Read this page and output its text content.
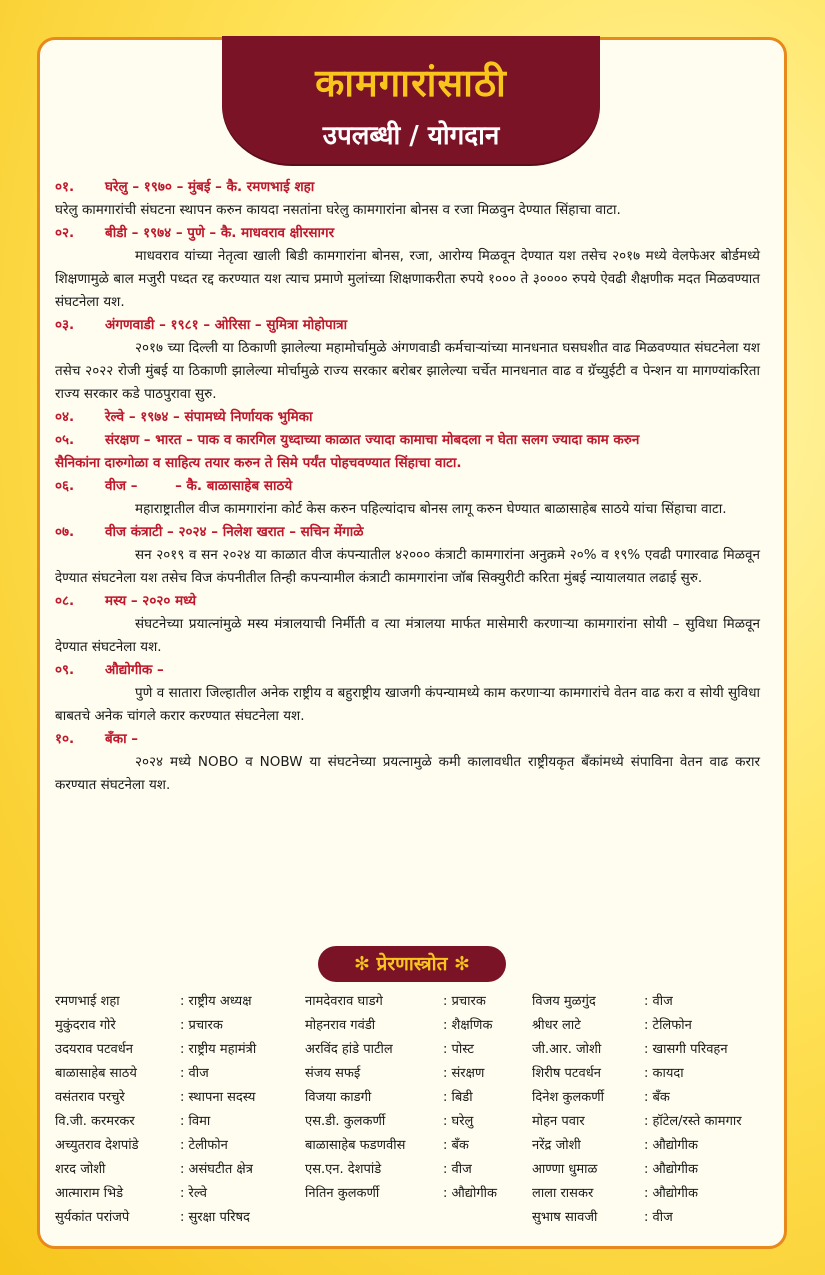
कामगारांसाठी
उपलब्धी / योगदान
०१. घरेलु – १९७० – मुंबई – कै. रमणभाई शहा
घरेलु कामगारांची संघटना स्थापन करुन कायदा नसतांना घरेलु कामगारांना बोनस व रजा मिळवुन देण्यात सिंहाचा वाटा.
०२. बीडी – १९७४ – पुणे – कै. माधवराव क्षीरसागर
माधवराव यांच्या नेतृत्वा खाली बिडी कामगारांना बोनस, रजा, आरोग्य मिळवून देण्यात यश तसेच २०१७ मध्ये वेलफेअर बोर्डमध्ये शिक्षणामुळे बाल मजुरी पध्दत रद्द करण्यात यश त्याच प्रमाणे मुलांच्या शिक्षणाकरीता रुपये १००० ते ३०००० रुपये ऐवढी शैक्षणीक मदत मिळवण्यात संघटनेला यश.
०३. अंगणवाडी – १९८१ – ओरिसा – सुमित्रा मोहोपात्रा
२०१७ च्या दिल्ली या ठिकाणी झालेल्या महामोर्चामुळे अंगणवाडी कर्मचाऱ्यांच्या मानधनात घसघशीत वाढ मिळवण्यात संघटनेला यश तसेच २०२२ रोजी मुंबई या ठिकाणी झालेल्या मोर्चामुळे राज्य सरकार बरोबर झालेल्या चर्चेत मानधनात वाढ व ग्रॅच्युईटी व पेन्शन या मागण्यांकरिता राज्य सरकार कडे पाठपुरावा सुरु.
०४. रेल्वे – १९७४ – संपामध्ये निर्णायक भुमिका
०५. संरक्षण – भारत – पाक व कारगिल युध्दाच्या काळात ज्यादा कामाचा मोबदला न घेता सलग ज्यादा काम करुन
सैनिकांना दारुगोळा व साहित्य तयार करुन ते सिमे पर्यंत पोहचवण्यात सिंहाचा वाटा.
०६. वीज –        – कै. बाळासाहेब साठये
महाराष्ट्रातील वीज कामगारांना कोर्ट केस करुन पहिल्यांदाच बोनस लागू करुन घेण्यात बाळासाहेब साठये यांचा सिंहाचा वाटा.
०७. वीज कंत्राटी – २०२४ – निलेश खरात – सचिन मेंगाळे
सन २०१९ व सन २०२४ या काळात वीज कंपन्यातील ४२००० कंत्राटी कामगारांना अनुक्रमे २०% व १९% एवढी पगारवाढ मिळवून देण्यात संघटनेला यश तसेच विज कंपनीतील तिन्ही कपन्यामील कंत्राटी कामगारांना जॉब सिक्युरीटी करिता मुंबई न्यायालयात लढाई सुरु.
०८. मस्य – २०२० मध्ये
संघटनेच्या प्रयात्नांमुळे मस्य मंत्रालयाची निर्मीती व त्या मंत्रालया मार्फत मासेमारी करणाऱ्या कामगारांना सोयी – सुविधा मिळवून देण्यात संघटनेला यश.
०९. औद्योगीक –
पुणे व सातारा जिल्हातील अनेक राष्ट्रीय व बहुराष्ट्रीय खाजगी कंपन्यामध्ये काम करणाऱ्या कामगारांचे वेतन वाढ करा व सोयी सुविधा बाबतचे अनेक चांगले करार करण्यात संघटनेला यश.
१०. बँका –
२०२४ मध्ये NOBO व NOBW या संघटनेच्या प्रयत्नामुळे कमी कालावधीत राष्ट्रीयकृत बँकांमध्ये संपाविना वेतन वाढ करार करण्यात संघटनेला यश.
✻ प्रेरणास्त्रोत ✻
रमणभाई शहा	: राष्ट्रीय अध्यक्ष
मुकुंदराव गोरे	: प्रचारक
उदयराव पटवर्धन	: राष्ट्रीय महामंत्री
बाळासाहेब साठये	: वीज
वसंतराव परचुरे	: स्थापना सदस्य
वि.जी. करमरकर	: विमा
अच्युतराव देशपांडे	: टेलीफोन
शरद जोशी	: असंघटीत क्षेत्र
आत्माराम भिडे	: रेल्वे
सुर्यकांत परांजपे	: सुरक्षा परिषद
नामदेवराव घाडगे	: प्रचारक
मोहनराव गवंडी	: शैक्षणिक
अरविंद हांडे पाटील	: पोस्ट
संजय सफई	: संरक्षण
विजया काडगी	: बिडी
एस.डी. कुलकर्णी	: घरेलु
बाळासाहेब फडणवीस	: बँक
एस.एन. देशपांडे	: वीज
नितिन कुलकर्णी	: औद्योगीक
विजय मुळगुंद	: वीज
श्रीधर लाटे	: टेलिफोन
जी.आर. जोशी	: खासगी परिवहन
शिरीष पटवर्धन	: कायदा
दिनेश कुलकर्णी	: बँक
मोहन पवार	: हॉटेल/रस्ते कामगार
नरेंद्र जोशी	: औद्योगीक
आण्णा धुमाळ	: औद्योगीक
लाला रासकर	: औद्योगीक
सुभाष सावजी	: वीज
